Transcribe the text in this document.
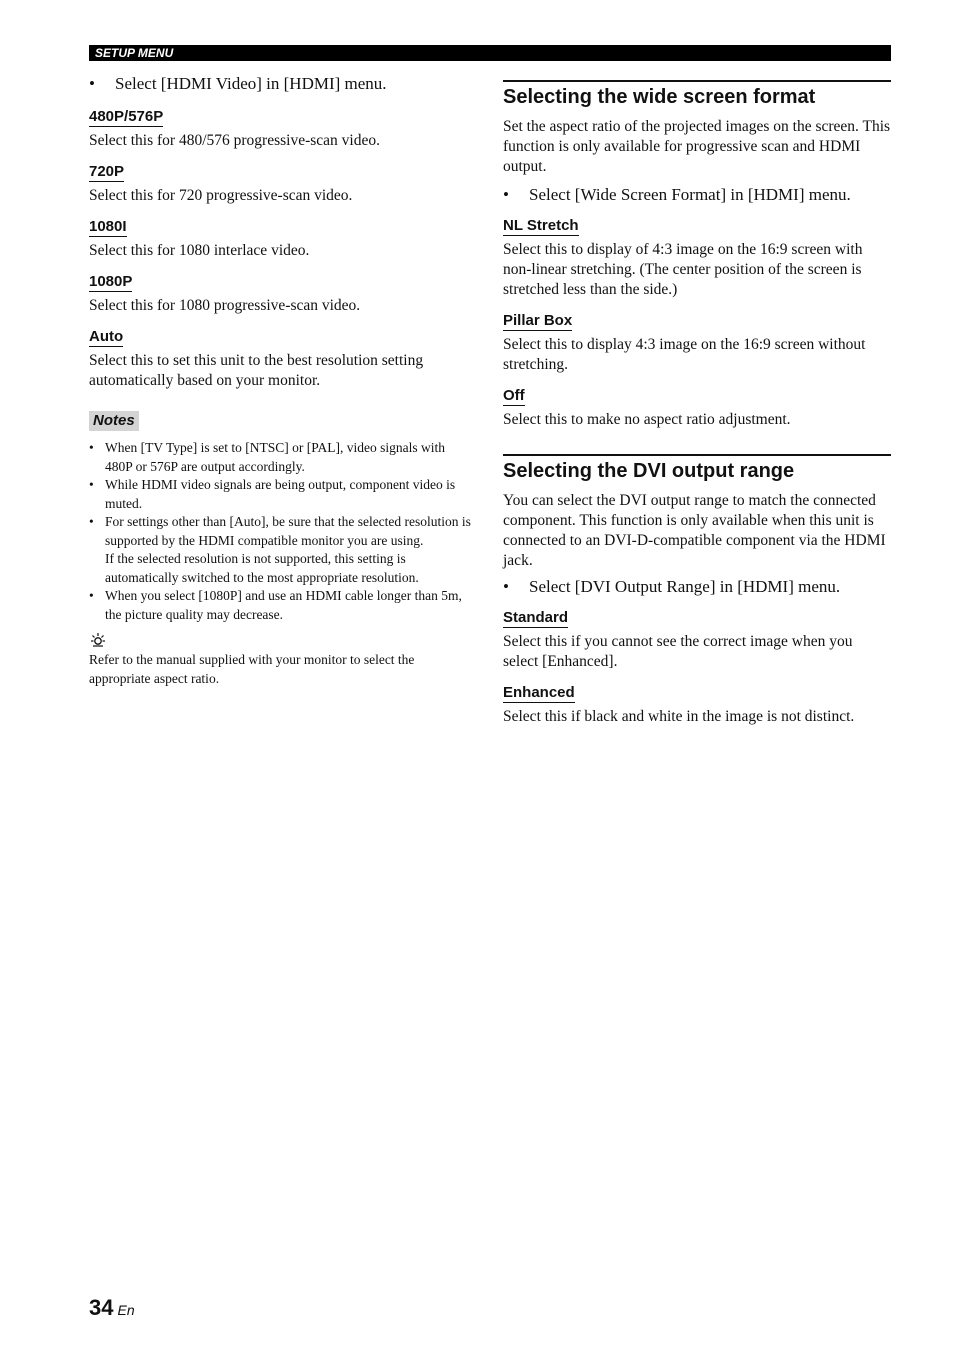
SETUP MENU

• Select [HDMI Video] in [HDMI] menu.

480P/576P

Select this for 480/576 progressive-scan video.

720P

Select this for 720 progressive-scan video.

1080I

Select this for 1080 interlace video.

1080P

Select this for 1080 progressive-scan video.

Auto

Select this to set this unit to the best resolution setting automatically based on your monitor.

Notes
• When [TV Type] is set to [NTSC] or [PAL], video signals with 480P or 576P are output accordingly.
• While HDMI video signals are being output, component video is muted.
• For settings other than [Auto], be sure that the selected resolution is supported by the HDMI compatible monitor you are using.
If the selected resolution is not supported, this setting is automatically switched to the most appropriate resolution.
• When you select [1080P] and use an HDMI cable longer than 5m, the picture quality may decrease.

Refer to the manual supplied with your monitor to select the appropriate aspect ratio.

Selecting the wide screen format

Set the aspect ratio of the projected images on the screen. This function is only available for progressive scan and HDMI output.

• Select [Wide Screen Format] in [HDMI] menu.

NL Stretch

Select this to display of 4:3 image on the 16:9 screen with non-linear stretching. (The center position of the screen is stretched less than the side.)

Pillar Box

Select this to display 4:3 image on the 16:9 screen without stretching.

Off

Select this to make no aspect ratio adjustment.

Selecting the DVI output range

You can select the DVI output range to match the connected component. This function is only available when this unit is connected to an DVI-D-compatible component via the HDMI jack.

• Select [DVI Output Range] in [HDMI] menu.

Standard

Select this if you cannot see the correct image when you select [Enhanced].

Enhanced

Select this if black and white in the image is not distinct.

34 En
